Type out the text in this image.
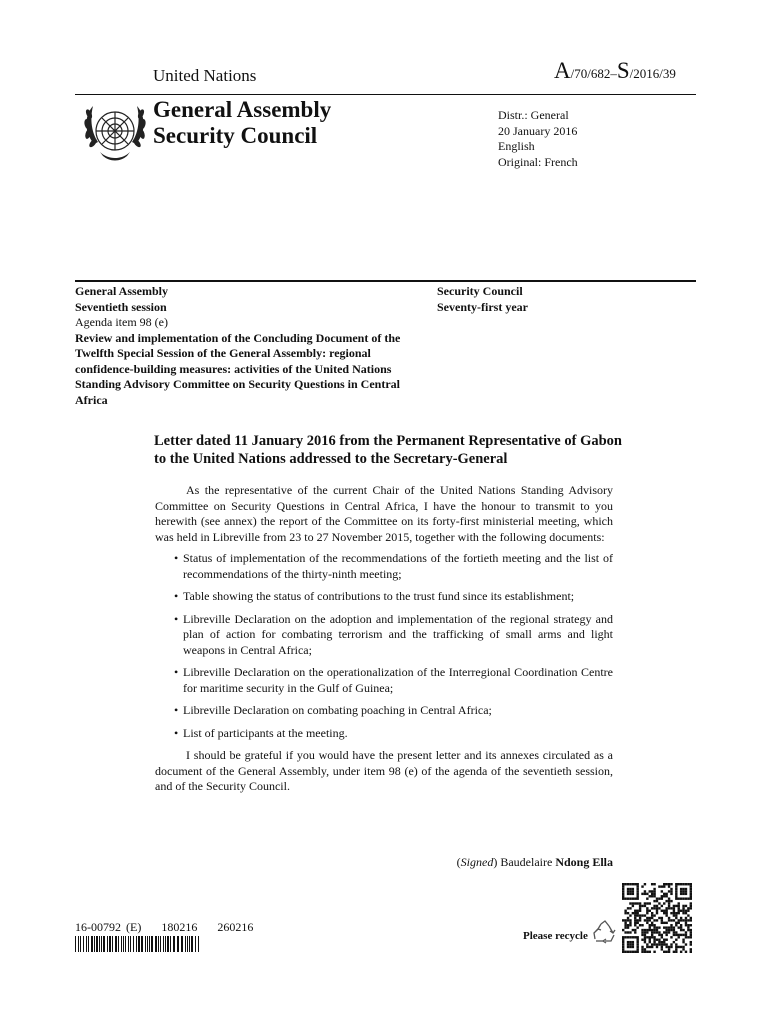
United Nations	A/70/682–S/2016/39
General Assembly
Security Council
Distr.: General
20 January 2016
English
Original: French
General Assembly
Seventieth session
Agenda item 98 (e)
Review and implementation of the Concluding Document of the Twelfth Special Session of the General Assembly: regional confidence-building measures: activities of the United Nations Standing Advisory Committee on Security Questions in Central Africa
Security Council
Seventy-first year
Letter dated 11 January 2016 from the Permanent Representative of Gabon to the United Nations addressed to the Secretary-General

As the representative of the current Chair of the United Nations Standing Advisory Committee on Security Questions in Central Africa, I have the honour to transmit to you herewith (see annex) the report of the Committee on its forty-first ministerial meeting, which was held in Libreville from 23 to 27 November 2015, together with the following documents:

• Status of implementation of the recommendations of the fortieth meeting and the list of recommendations of the thirty-ninth meeting;
• Table showing the status of contributions to the trust fund since its establishment;
• Libreville Declaration on the adoption and implementation of the regional strategy and plan of action for combating terrorism and the trafficking of small arms and light weapons in Central Africa;
• Libreville Declaration on the operationalization of the Interregional Coordination Centre for maritime security in the Gulf of Guinea;
• Libreville Declaration on combating poaching in Central Africa;
• List of participants at the meeting.

I should be grateful if you would have the present letter and its annexes circulated as a document of the General Assembly, under item 98 (e) of the agenda of the seventieth session, and of the Security Council.

(Signed) Baudelaire Ndong Ella
16-00792 (E)    180216    260216
Please recycle
